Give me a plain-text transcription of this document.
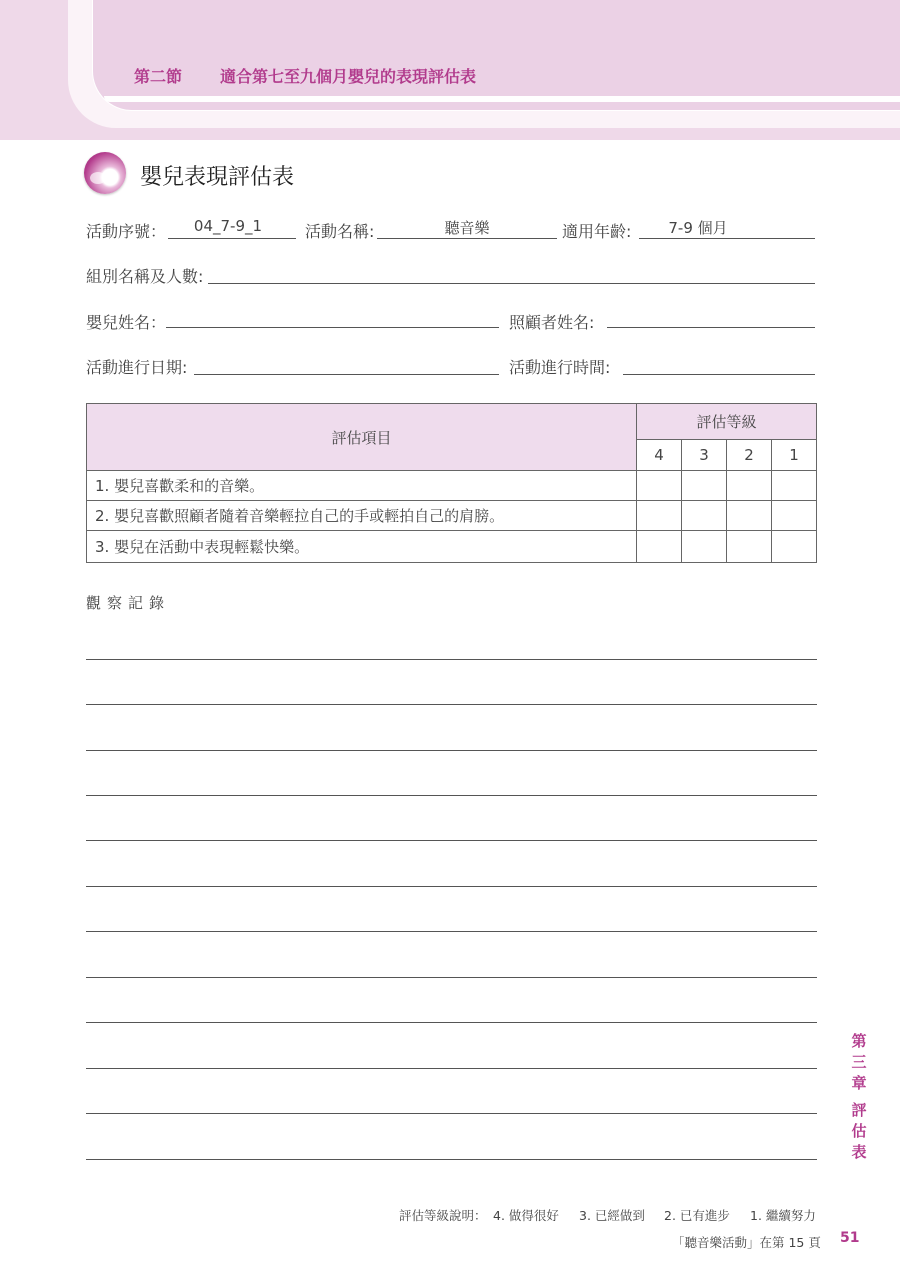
第二節 適合第七至九個月嬰兒的表現評估表
嬰兒表現評估表
活動序號：	04_7-9_1	活動名稱:	聽音樂	適用年齡:	7-9 個月
組別名稱及人數:
嬰兒姓名：	照顧者姓名:
活動進行日期:	活動進行時間:
評估項目	評估等級			
	4	3	2	1
1. 嬰兒喜歡柔和的音樂。				
2. 嬰兒喜歡照顧者隨着音樂輕拉自己的手或輕拍自己的肩膀。				
3. 嬰兒在活動中表現輕鬆快樂。				
觀察記錄
第三章
評估表
評估等級說明： 4. 做得很好 3. 已經做到 2. 已有進步 1. 繼續努力
「聽音樂活動」在第 15 頁 51
